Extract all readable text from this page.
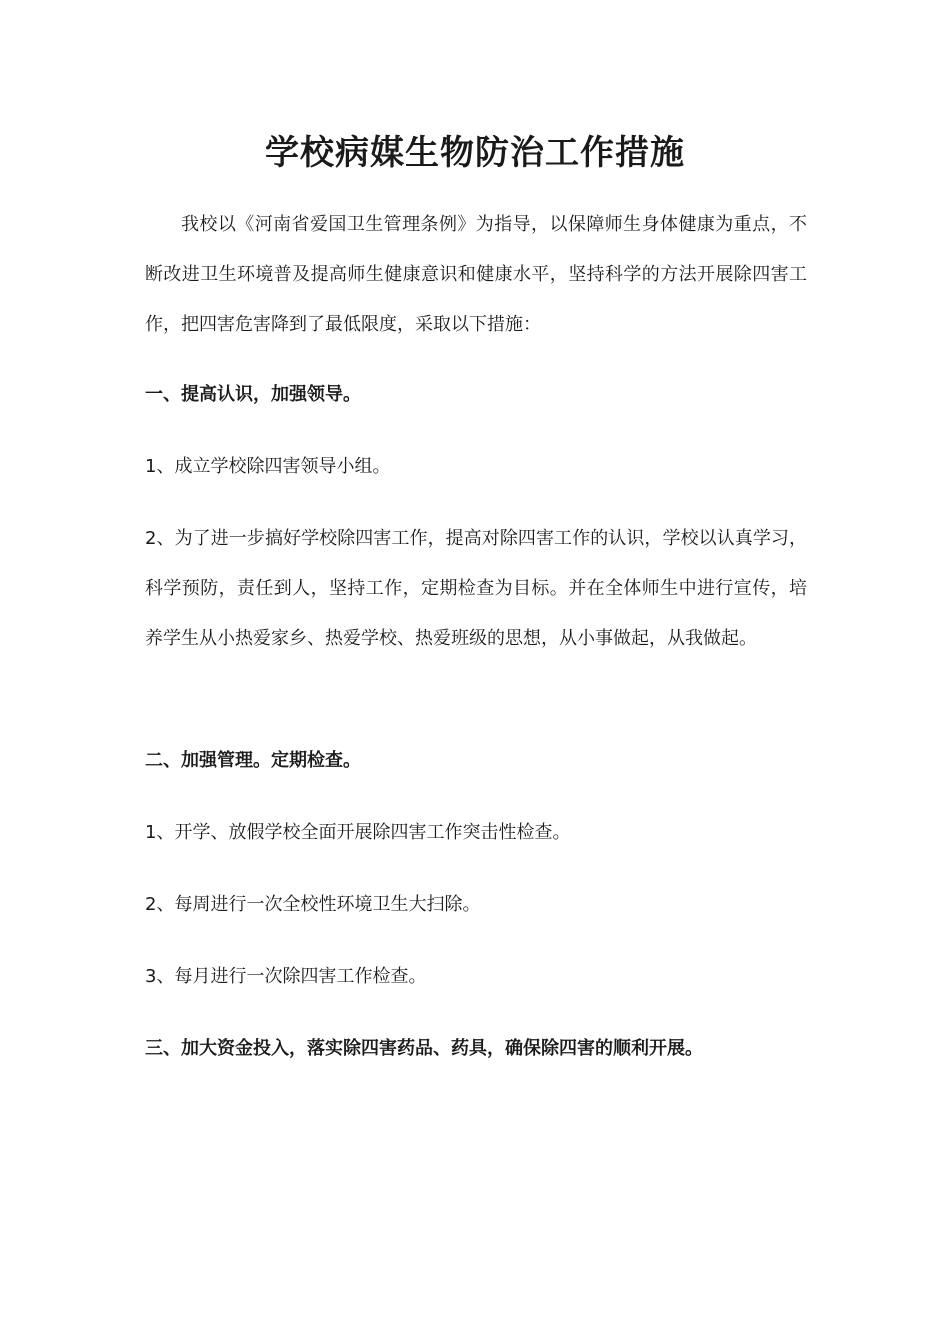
学校病媒生物防治工作措施

我校以《河南省爱国卫生管理条例》为指导，以保障师生身体健康为重点，不断改进卫生环境普及提高师生健康意识和健康水平，坚持科学的方法开展除四害工作，把四害危害降到了最低限度，采取以下措施：

一、提高认识，加强领导。

1、成立学校除四害领导小组。

2、为了进一步搞好学校除四害工作，提高对除四害工作的认识，学校以认真学习，科学预防，责任到人，坚持工作，定期检查为目标。并在全体师生中进行宣传，培养学生从小热爱家乡、热爱学校、热爱班级的思想，从小事做起，从我做起。

二、加强管理。定期检查。

1、开学、放假学校全面开展除四害工作突击性检查。

2、每周进行一次全校性环境卫生大扫除。

3、每月进行一次除四害工作检查。

三、加大资金投入，落实除四害药品、药具，确保除四害的顺利开展。
